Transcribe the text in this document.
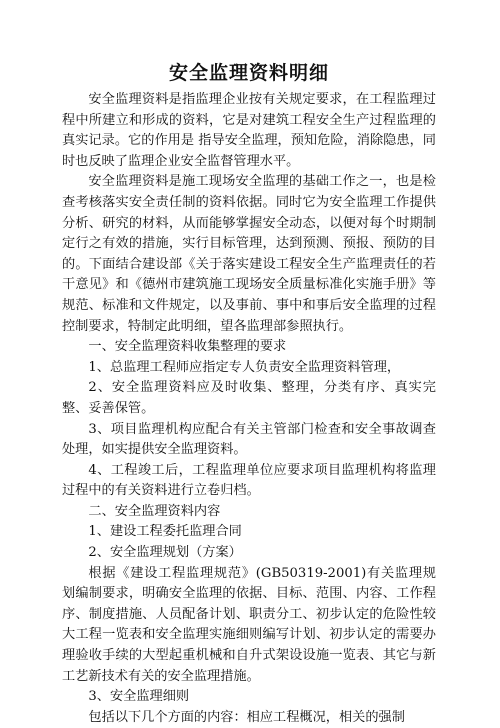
安全监理资料明细

安全监理资料是指监理企业按有关规定要求，在工程监理过程中所建立和形成的资料，它是对建筑工程安全生产过程监理的真实记录。它的作用是 指导安全监理，预知危险，消除隐患，同时也反映了监理企业安全监督管理水平。

安全监理资料是施工现场安全监理的基础工作之一，也是检查考核落实安全责任制的资料依据。同时它为安全监理工作提供分析、研究的材料，从而能够掌握安全动态，以便对每个时期制定行之有效的措施，实行目标管理，达到预测、预报、预防的目的。下面结合建设部《关于落实建设工程安全生产监理责任的若干意见》和《德州市建筑施工现场安全质量标准化实施手册》等规范、标准和文件规定，以及事前、事中和事后安全监理的过程控制要求，特制定此明细，望各监理部参照执行。

一、安全监理资料收集整理的要求

1、总监理工程师应指定专人负责安全监理资料管理，

2、安全监理资料应及时收集、整理，分类有序、真实完整、妥善保管。

3、项目监理机构应配合有关主管部门检查和安全事故调查处理，如实提供安全监理资料。

4、工程竣工后，工程监理单位应要求项目监理机构将监理过程中的有关资料进行立卷归档。

二、安全监理资料内容

1、建设工程委托监理合同

2、安全监理规划（方案）

根据《建设工程监理规范》(GB50319-2001)有关监理规划编制要求，明确安全监理的依据、目标、范围、内容、工作程序、制度措施、人员配备计划、职责分工、初步认定的危险性较大工程一览表和安全监理实施细则编写计划、初步认定的需要办理验收手续的大型起重机械和自升式架设设施一览表、其它与新工艺新技术有关的安全监理措施。

3、安全监理细则

包括以下几个方面的内容：相应工程概况，相关的强制
